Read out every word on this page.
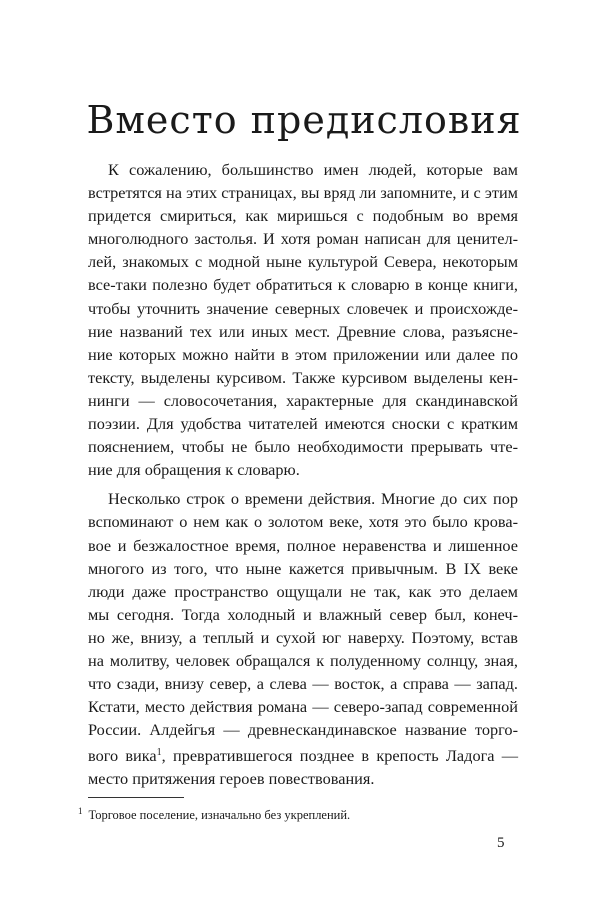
Вместо предисловия
К сожалению, большинство имен людей, которые вам
встретятся на этих страницах, вы вряд ли запомните, и с этим
придется смириться, как миришься с подобным во время
многолюдного застолья. И хотя роман написан для ценител-
лей, знакомых с модной ныне культурой Севера, некоторым
все-таки полезно будет обратиться к словарю в конце книги,
чтобы уточнить значение северных словечек и происхожде-
ние названий тех или иных мест. Древние слова, разъясне-
ние которых можно найти в этом приложении или далее по
тексту, выделены курсивом. Также курсивом выделены кен-
нинги — словосочетания, характерные для скандинавской
поэзии. Для удобства читателей имеются сноски с кратким
пояснением, чтобы не было необходимости прерывать чте-
ние для обращения к словарю.
Несколько строк о времени действия. Многие до сих пор
вспоминают о нем как о золотом веке, хотя это было крова-
вое и безжалостное время, полное неравенства и лишенное
многого из того, что ныне кажется привычным. В IX веке
люди даже пространство ощущали не так, как это делаем
мы сегодня. Тогда холодный и влажный север был, конеч-
но же, внизу, а теплый и сухой юг наверху. Поэтому, встав
на молитву, человек обращался к полуденному солнцу, зная,
что сзади, внизу север, а слева — восток, а справа — запад.
Кстати, место действия романа — северо-запад современной
России. Алдейгья — древнескандинавское название торго-
вого вика$^1$, превратившегося позднее в крепость Ладога —
место притяжения героев повествования.
$^1$ Торговое поселение, изначально без укреплений.
5
